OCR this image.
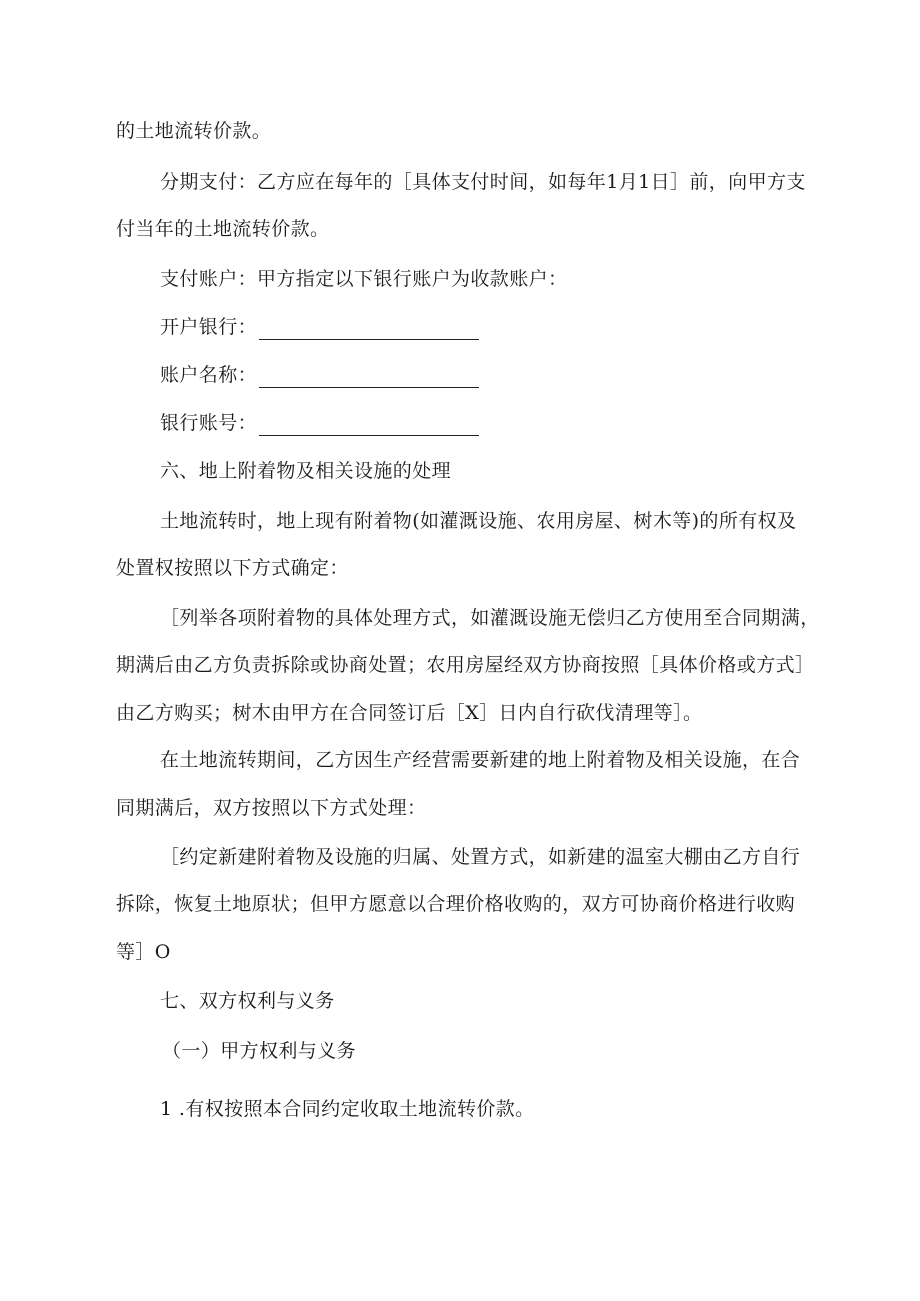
的土地流转价款。
分期支付：乙方应在每年的［具体支付时间，如每年1月1日］前，向甲方支
付当年的土地流转价款。
支付账户：甲方指定以下银行账户为收款账户：
开户银行：
账户名称：
银行账号：
六、地上附着物及相关设施的处理
土地流转时，地上现有附着物(如灌溉设施、农用房屋、树木等)的所有权及
处置权按照以下方式确定：
［列举各项附着物的具体处理方式，如灌溉设施无偿归乙方使用至合同期满，
期满后由乙方负责拆除或协商处置；农用房屋经双方协商按照［具体价格或方式］
由乙方购买；树木由甲方在合同签订后［X］日内自行砍伐清理等］。
在土地流转期间，乙方因生产经营需要新建的地上附着物及相关设施，在合
同期满后，双方按照以下方式处理：
［约定新建附着物及设施的归属、处置方式，如新建的温室大棚由乙方自行
拆除，恢复土地原状；但甲方愿意以合理价格收购的，双方可协商价格进行收购
等］O
七、双方权利与义务
（一）甲方权利与义务
1 .有权按照本合同约定收取土地流转价款。
